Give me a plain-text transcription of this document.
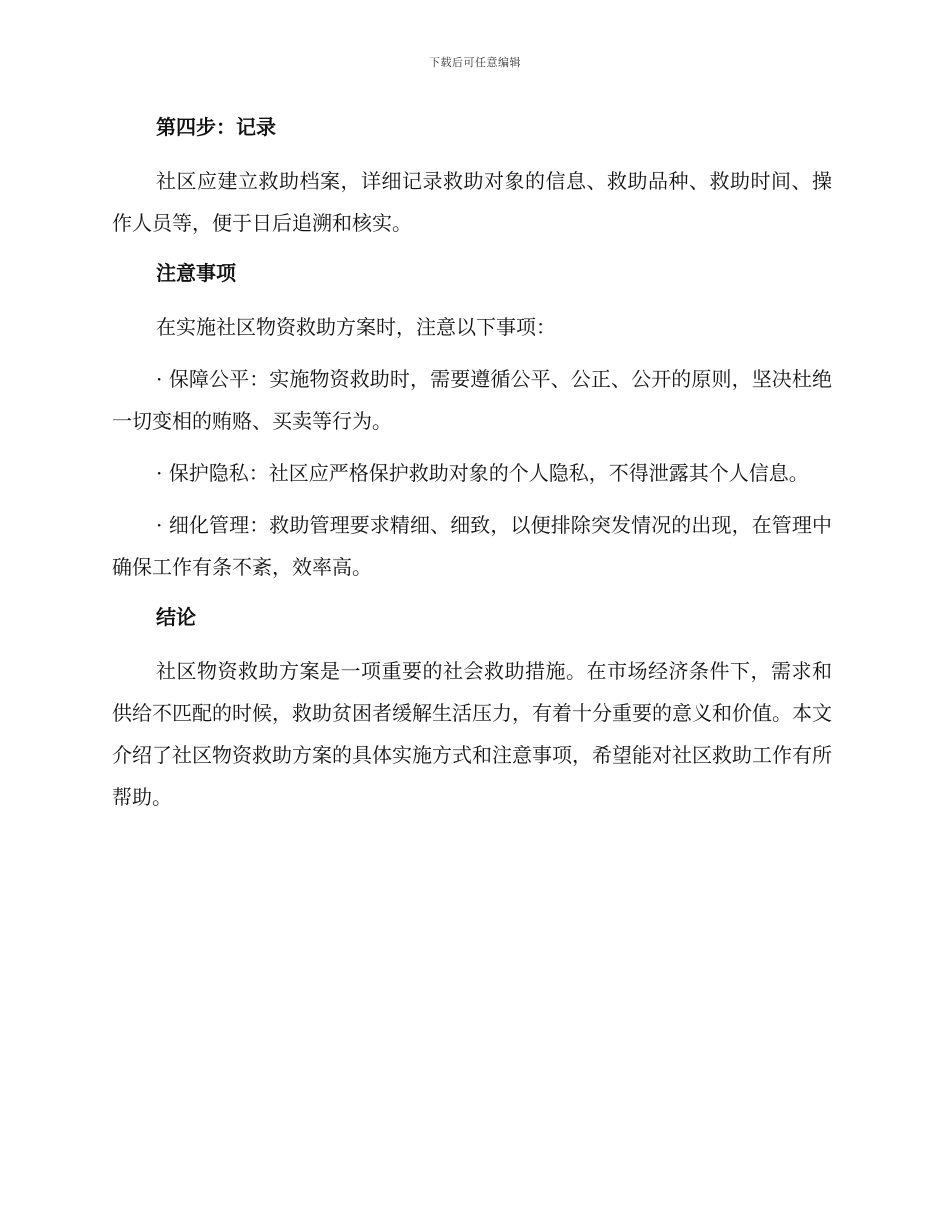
下载后可任意编辑
第四步：记录

社区应建立救助档案，详细记录救助对象的信息、救助品种、救助时间、操作人员等，便于日后追溯和核实。

注意事项

在实施社区物资救助方案时，注意以下事项：

· 保障公平：实施物资救助时，需要遵循公平、公正、公开的原则，坚决杜绝一切变相的贿赂、买卖等行为。

· 保护隐私：社区应严格保护救助对象的个人隐私，不得泄露其个人信息。

· 细化管理：救助管理要求精细、细致，以便排除突发情况的出现，在管理中确保工作有条不紊，效率高。

结论

社区物资救助方案是一项重要的社会救助措施。在市场经济条件下，需求和供给不匹配的时候，救助贫困者缓解生活压力，有着十分重要的意义和价值。本文介绍了社区物资救助方案的具体实施方式和注意事项，希望能对社区救助工作有所帮助。
